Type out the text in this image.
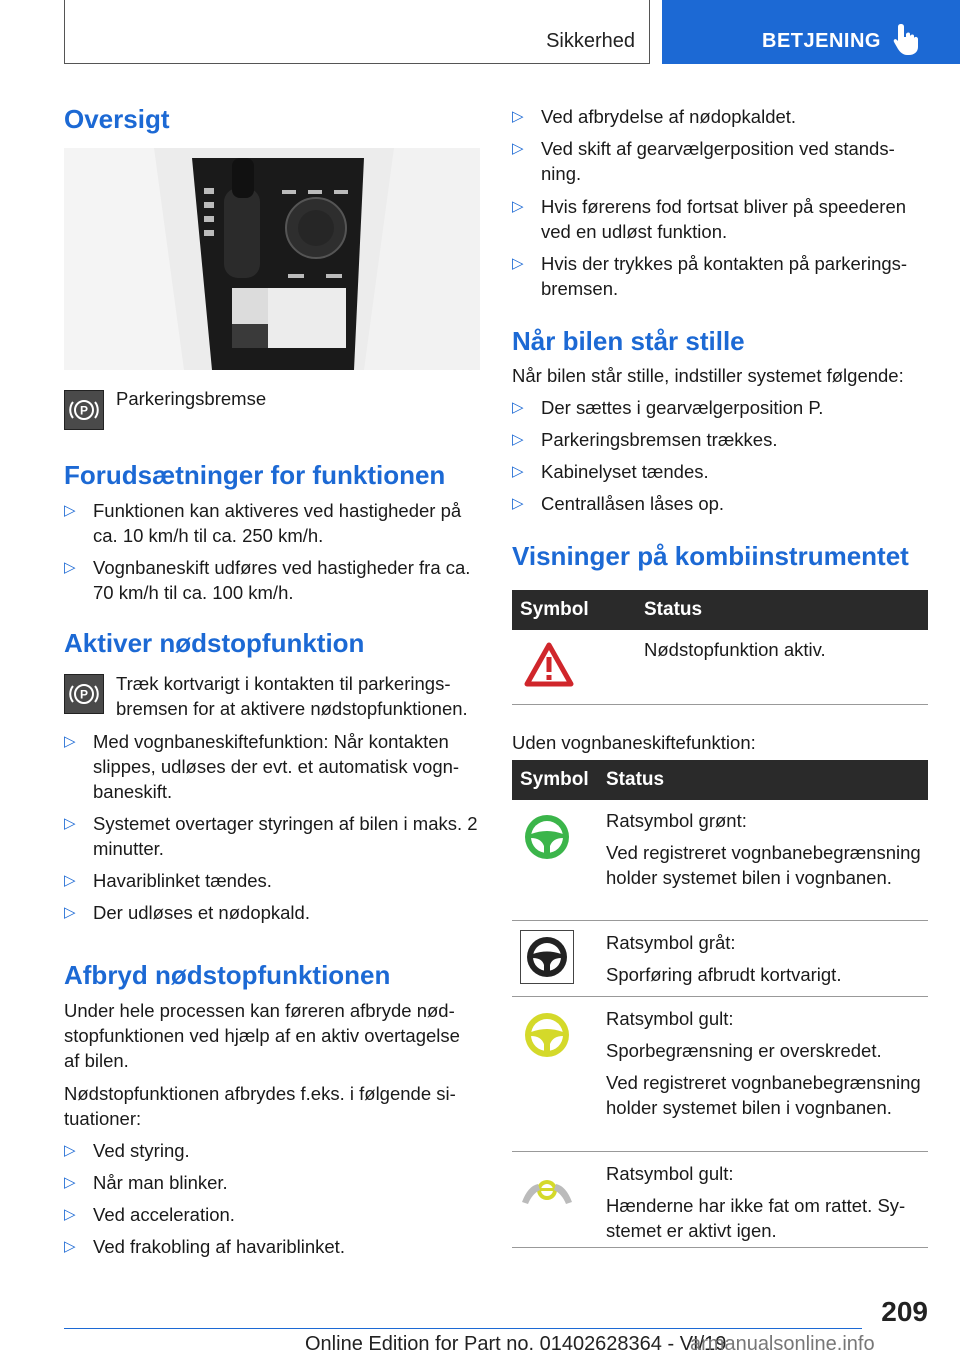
Sikkerhed	BETJENING
Oversigt
P

Parkeringsbremse

Forudsætninger for funktionen
▷ Funktionen kan aktiveres ved hastigheder på ca. 10 km/h til ca. 250 km/h.
▷ Vognbaneskift udføres ved hastigheder fra ca. 70 km/h til ca. 100 km/h.
Aktiver nødstopfunktion
P

Træk kortvarigt i kontakten til parkeringsbremsen for at aktivere nødstopfunktionen.

▷ Med vognbaneskiftefunktion: Når kontakten slippes, udløses der evt. et automatisk vognbaneskift.
▷ Systemet overtager styringen af bilen i maks. 2 minutter.
▷ Havariblinket tændes.
▷ Der udløses et nødopkald.
Afbryd nødstopfunktionen

Under hele processen kan føreren afbryde nødstopfunktionen ved hjælp af en aktiv overtagelse af bilen.

Nødstopfunktionen afbrydes f.eks. i følgende situationer:

▷ Ved styring.
▷ Når man blinker.
▷ Ved acceleration.
▷ Ved frakobling af havariblinket.
▷ Ved afbrydelse af nødopkaldet.
▷ Ved skift af gearvælgerposition ved standsning.
▷ Hvis førerens fod fortsat bliver på speederen ved en udløst funktion.
▷ Hvis der trykkes på kontakten på parkeringsbremsen.
Når bilen står stille

Når bilen står stille, indstiller systemet følgende:

▷ Der sættes i gearvælgerposition P.
▷ Parkeringsbremsen trækkes.
▷ Kabinelyset tændes.
▷ Centrallåsen låses op.
Visninger på kombiinstrumentet
Symbol	Status
Nødstopfunktion aktiv.

Uden vognbaneskiftefunktion:

Symbol Status
Ratsymbol grønt:
Ved registreret vognbanebegrænsning holder systemet bilen i vognbanen.
Ratsymbol gråt:
Sporføring afbrudt kortvarigt.
Ratsymbol gult:
Sporbegrænsning er overskredet.
Ved registreret vognbanebegrænsning holder systemet bilen i vognbanen.
Ratsymbol gult:
Hænderne har ikke fat om rattet. Systemet er aktivt igen.
209
Online Edition for Part no. 01402628364 - VI/19
armanualsonline.info
